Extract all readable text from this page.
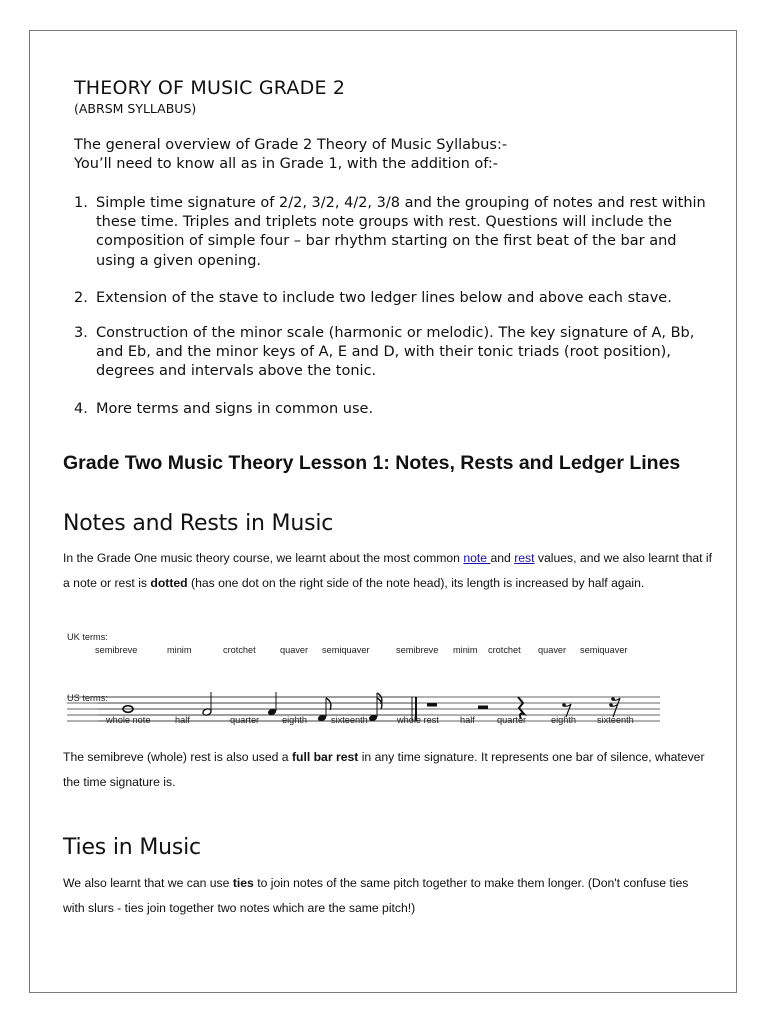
THEORY OF MUSIC GRADE 2
(ABRSM SYLLABUS)
The general overview of Grade 2 Theory of Music Syllabus:-
You’ll need to know all as in Grade 1, with the addition of:-
1. Simple time signature of 2/2, 3/2, 4/2, 3/8 and the grouping of notes and rest within these time. Triples and triplets note groups with rest. Questions will include the composition of simple four – bar rhythm starting on the first beat of the bar and using a given opening.
2. Extension of the stave to include two ledger lines below and above each stave.
3. Construction of the minor scale (harmonic or melodic). The key signature of A, Bb, and Eb, and the minor keys of A, E and D, with their tonic triads (root position), degrees and intervals above the tonic.
4. More terms and signs in common use.
Grade Two Music Theory Lesson 1: Notes, Rests and Ledger Lines
Notes and Rests in Music

In the Grade One music theory course, we learnt about the most common note and rest values, and we also learnt that if a note or rest is dotted (has one dot on the right side of the note head), its length is increased by half again.

UK terms:
US terms:
semibreve	minim	crotchet	quaver semiquaver	semibreve minim crotchet quaver semiquaver
whole note	half	quarter eighth	sixteenth	whole rest half quarter	eighth sixteenth

The semibreve (whole) rest is also used a full bar rest in any time signature. It represents one bar of silence, whatever the time signature is.

Ties in Music

We also learnt that we can use ties to join notes of the same pitch together to make them longer. (Don't confuse ties with slurs - ties join together two notes which are the same pitch!)
